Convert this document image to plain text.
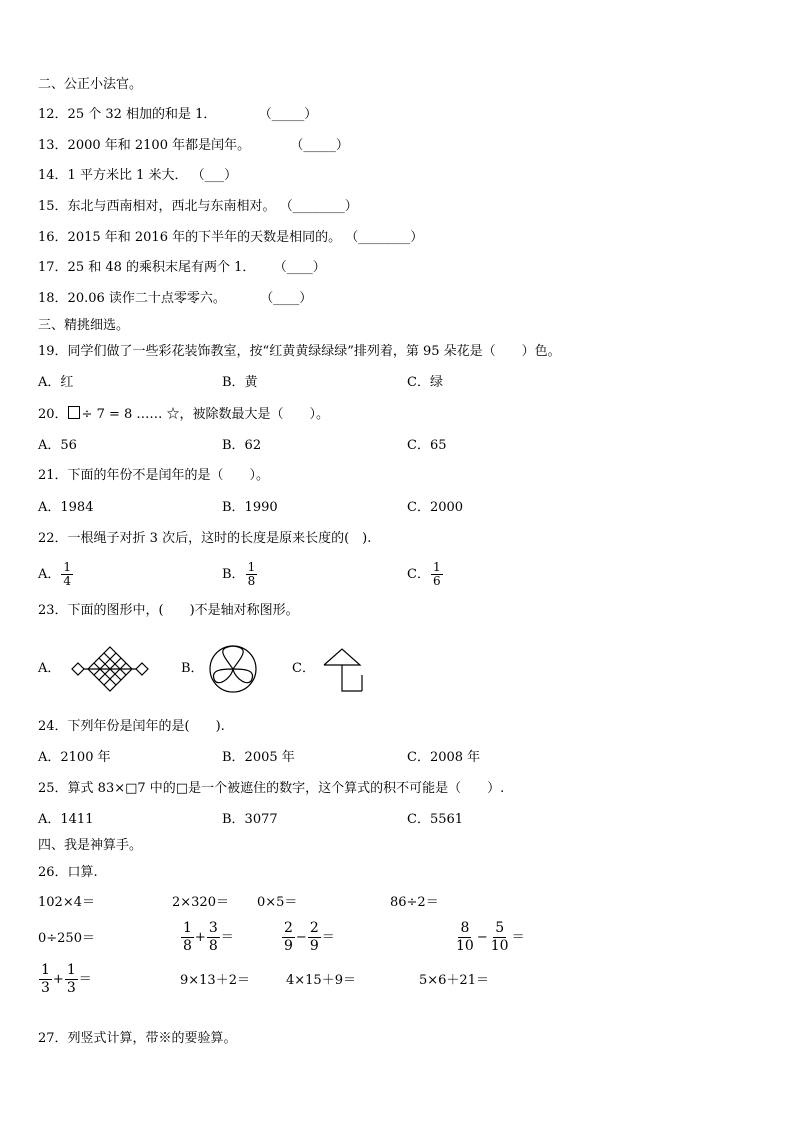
二、公正小法官。
12．25 个 32 相加的和是 1．	（_____）
13．2000 年和 2100 年都是闰年。	（_____）
14．1 平方米比 1 米大． （___）
15．东北与西南相对，西北与东南相对。 （________）
16．2015 年和 2016 年的下半年的天数是相同的。 （________）
17．25 和 48 的乘积末尾有两个 1． （____）
18．20.06 读作二十点零零六。	（____）
三、精挑细选。
19．同学们做了一些彩花装饰教室，按“红黄黄绿绿绿”排列着，第 95 朵花是（　　）色。
A．红	B．黄	C．绿
20． ÷ 7 = 8 …… ☆，被除数最大是（　　）。
A．56	B．62	C．65
21．下面的年份不是闰年的是（　　）。
A．1984	B．1990	C．2000
22．一根绳子对折 3 次后，这时的长度是原来长度的(　).
A． $\frac{1}{4}$	B． $\frac{1}{8}$	C． $\frac{1}{6}$
23．下面的图形中，(　　)不是轴对称图形。
A．	B．	C．
24．下列年份是闰年的是(　　).
A．2100 年	B．2005 年	C．2008 年
25．算式 83×□7 中的□是一个被遮住的数字，这个算式的积不可能是（　　）.
A．1411	B．3077	C．5561
四、我是神算手。
26．口算.
102×4＝	2×320＝ 0×5＝	86÷2＝
0÷250＝	$\frac{1}{8} + \frac{3}{8}$ ＝	$\frac{2}{9} - \frac{2}{9}$ ＝	$\frac{8}{10} - \frac{5}{10}$ ＝
$\frac{1}{3} + \frac{1}{3}$ ＝	9×13＋2＝	4×15＋9＝	5×6＋21＝
27．列竖式计算，带※的要验算。
